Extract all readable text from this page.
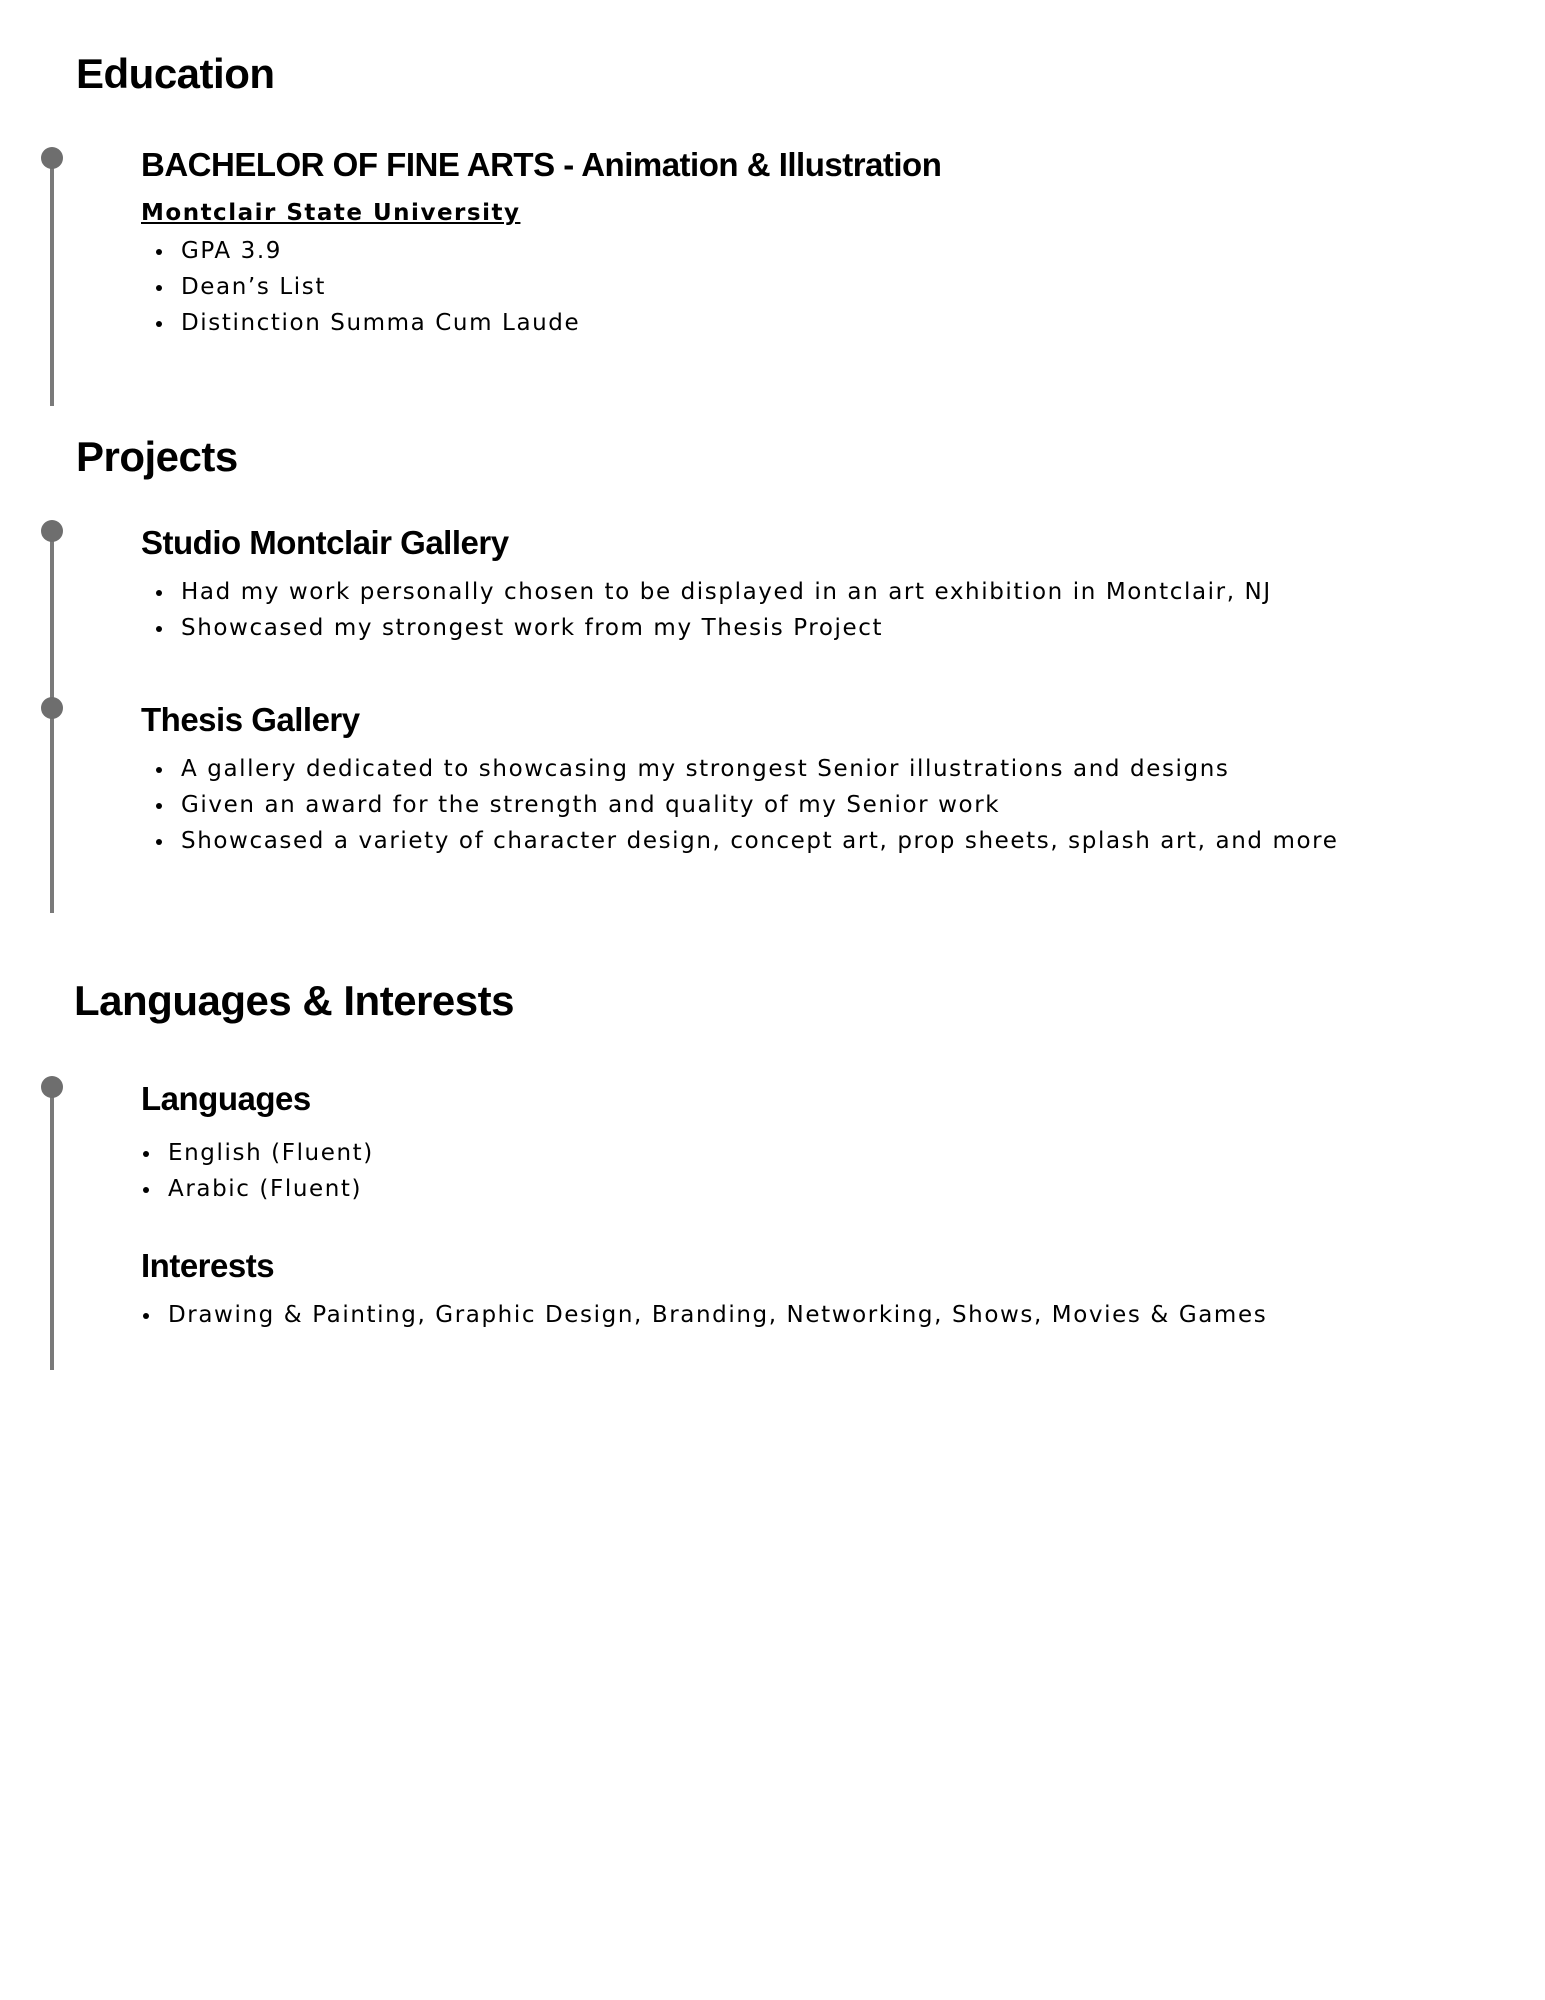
Education
BACHELOR OF FINE ARTS - Animation & Illustration
Montclair State University
GPA 3.9
Dean’s List
Distinction Summa Cum Laude
Projects
Studio Montclair Gallery
Had my work personally chosen to be displayed in an art exhibition in Montclair, NJ
Showcased my strongest work from my Thesis Project
Thesis Gallery
A gallery dedicated to showcasing my strongest Senior illustrations and designs
Given an award for the strength and quality of my Senior work
Showcased a variety of character design, concept art, prop sheets, splash art, and more
Languages & Interests
Languages
English (Fluent)
Arabic (Fluent)
Interests
Drawing & Painting, Graphic Design, Branding, Networking, Shows, Movies & Games
